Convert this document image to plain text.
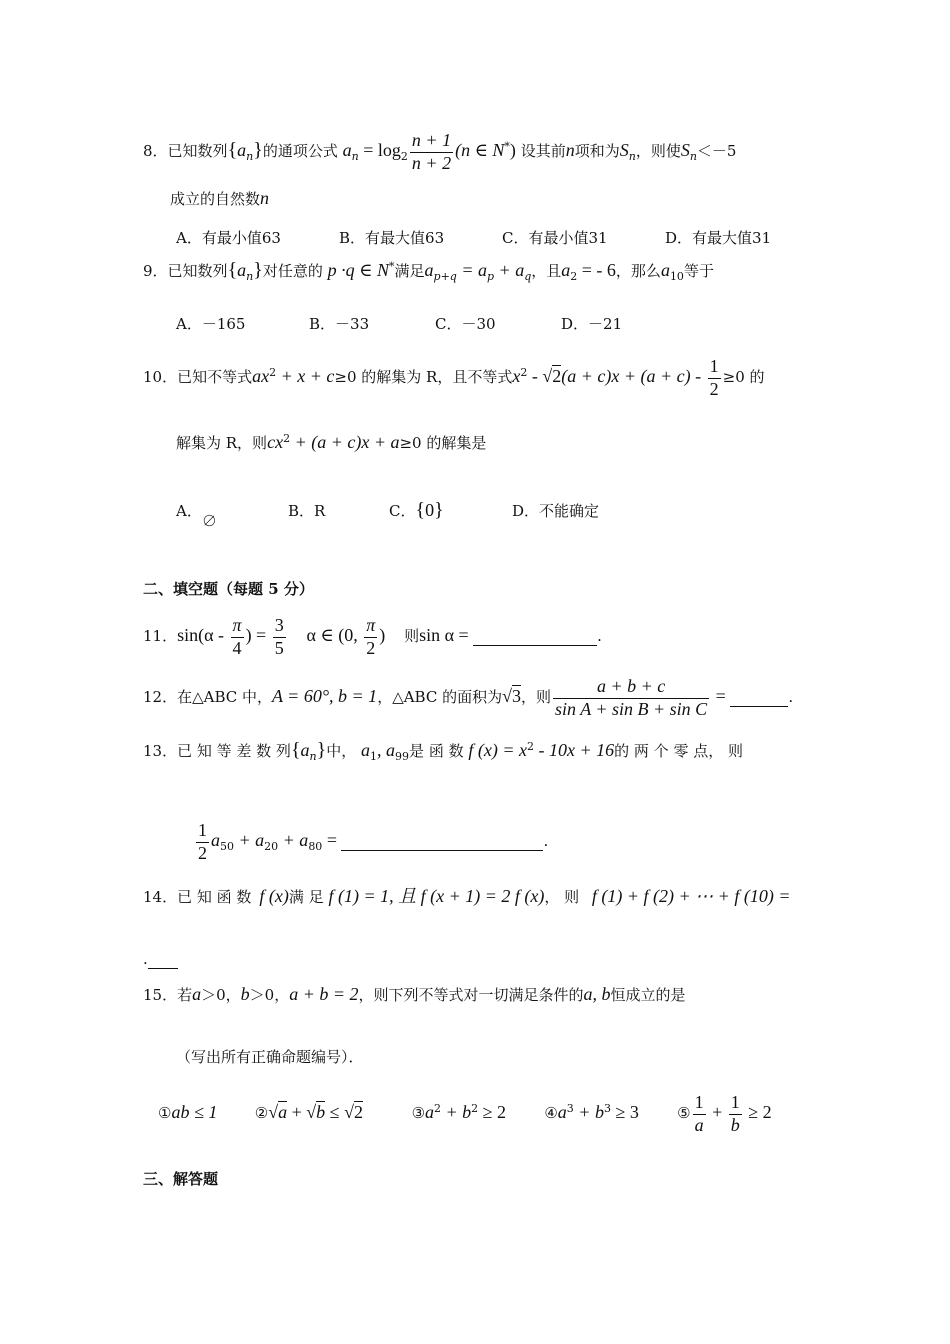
8．已知数列$\{a_n\}$的通项公式 $a_n = \log_2 \frac{n + 1}{n + 2} (n$ ∈ N*) 设其前n项和为$S_n$，则使$S_n<-5$
成立的自然数n
A．有最小值63	B．有最大值63	C．有最小值31	D．有最大值31
9．已知数列$\{a_n\}$对任意的 p ·q ∈ N*满足$a_{p+q} = a_p + a_q$，且$a_2$ = - 6，那么$a_{10}$等于
A．－165	B．－33	C．－30	D．－21
10．已知不等式$ax^2 + x + c\ge 0$ 的解集为 R，且不等式$x^2 - √2(a + c)x + (a + c) - \frac{1}{2} \ge 0$ 的
解集为 R，则$cx^2 + (a + c)x + a\ge 0$ 的解集是
A．∅B．R	C．{0}	D．不能确定
二、填空题（每题 5 分）
11．$\sin(\alpha - \frac{\pi}{4}$ ) = $\frac{3}{5}$ α ∈ (0, $\frac{\pi}{2}$ ) 则sin α =	.
12．在△ABC 中，A = 60°, b = 1，△ABC 的面积为√3，则 $\frac{a + b + c}{\text{sin A + sin B + sin C}}$ =	.
13．已 知 等 差 数 列$\{a_n\}$中， $a_1$, $a_{99}$是 函 数 f $(x) = x^2 - 10x + 16$的 两 个 零 点， 则
$\frac{1}{2} a_{50} + a_{20} + a_{80}$ =	.
14．已 知 函 数 f (x)满 足 f (1) = 1, 且 f (x + 1) = 2 f (x)， 则 f (1) + f (2) + ⋯ + f (10) =
.
15．若a＞0，b＞0，a + b = 2，则下列不等式对一切满足条件的a, b恒成立的是
（写出所有正确命题编号）．
①ab ≤ 1 ②√a + √b ≤ √2	$③a^2 + b^2 \ge 2$	$④a^3 + b^3 \ge 3$	⑤ $\frac{1}{a} + \frac{1}{b} \ge 2$
三、解答题
